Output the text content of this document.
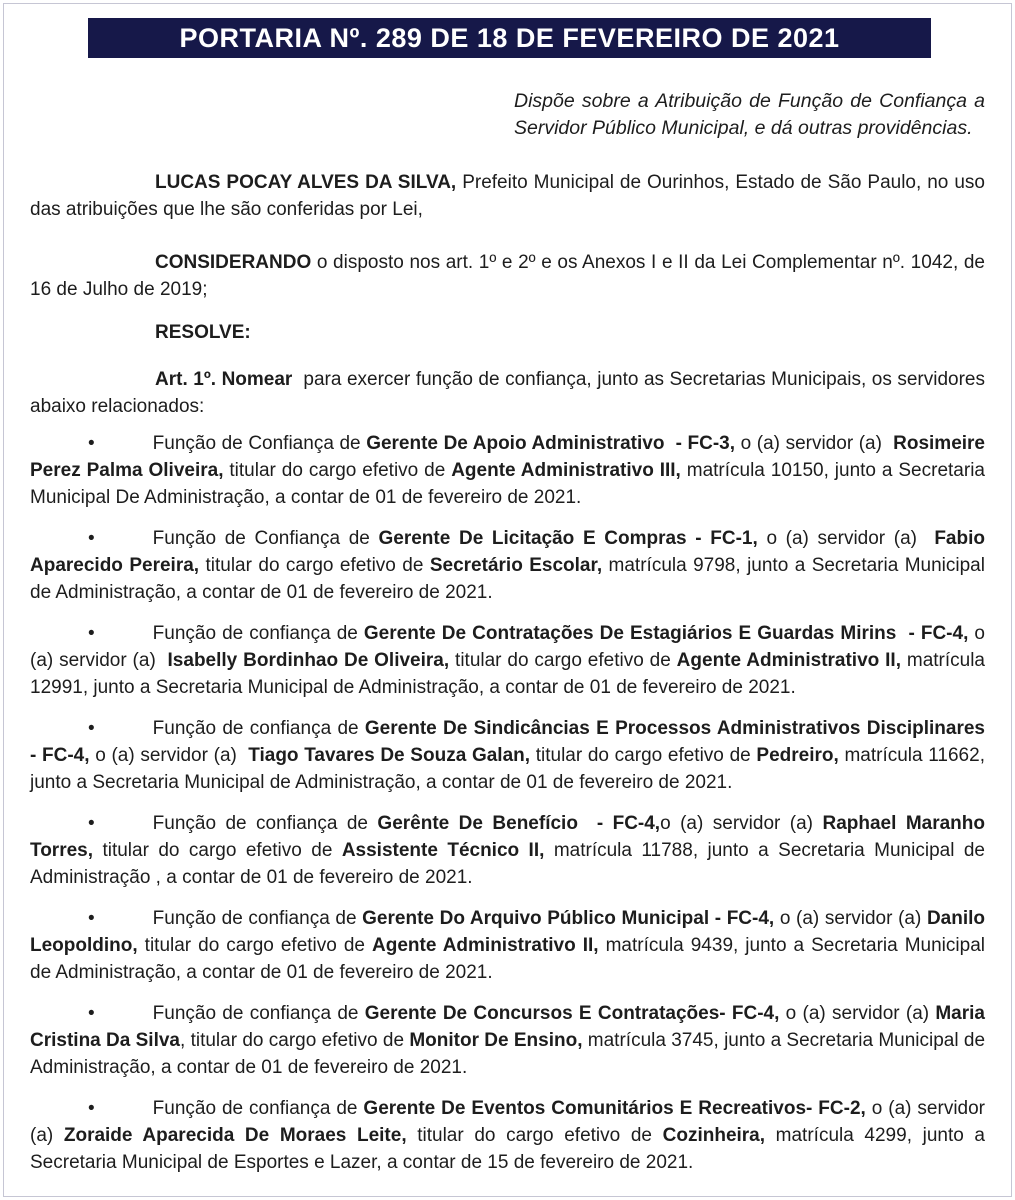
PORTARIA Nº. 289 DE 18 DE FEVEREIRO DE 2021

Dispõe sobre a Atribuição de Função de Confiança a Servidor Público Municipal, e dá outras providências.

LUCAS POCAY ALVES DA SILVA, Prefeito Municipal de Ourinhos, Estado de São Paulo, no uso das atribuições que lhe são conferidas por Lei,

CONSIDERANDO o disposto nos art. 1º e 2º e os Anexos I e II da Lei Complementar nº. 1042, de 16 de Julho de 2019;

RESOLVE:

Art. 1º. Nomear  para exercer função de confiança, junto as Secretarias Municipais, os servidores abaixo relacionados:

•	Função de Confiança de Gerente De Apoio Administrativo  - FC-3, o (a) servidor (a)  Rosimeire Perez Palma Oliveira, titular do cargo efetivo de Agente Administrativo III, matrícula 10150, junto a Secretaria Municipal De Administração, a contar de 01 de fevereiro de 2021.

•	Função de Confiança de Gerente De Licitação E Compras - FC-1, o (a) servidor (a)  Fabio Aparecido Pereira, titular do cargo efetivo de Secretário Escolar, matrícula 9798, junto a Secretaria Municipal de Administração, a contar de 01 de fevereiro de 2021.

•	Função de confiança de Gerente De Contratações De Estagiários E Guardas Mirins  - FC-4, o (a) servidor (a)  Isabelly Bordinhao De Oliveira, titular do cargo efetivo de Agente Administrativo II, matrícula 12991, junto a Secretaria Municipal de Administração, a contar de 01 de fevereiro de 2021.

•	Função de confiança de Gerente De Sindicâncias E Processos Administrativos Disciplinares - FC-4, o (a) servidor (a)  Tiago Tavares De Souza Galan, titular do cargo efetivo de Pedreiro, matrícula 11662, junto a Secretaria Municipal de Administração, a contar de 01 de fevereiro de 2021.

•	Função de confiança de Gerênte De Benefício  - FC-4,o (a) servidor (a) Raphael Maranho Torres, titular do cargo efetivo de Assistente Técnico II, matrícula 11788, junto a Secretaria Municipal de Administração , a contar de 01 de fevereiro de 2021.

•	Função de confiança de Gerente Do Arquivo Público Municipal - FC-4, o (a) servidor (a) Danilo Leopoldino, titular do cargo efetivo de Agente Administrativo II, matrícula 9439, junto a Secretaria Municipal de Administração, a contar de 01 de fevereiro de 2021.

•	Função de confiança de Gerente De Concursos E Contratações- FC-4, o (a) servidor (a) Maria Cristina Da Silva, titular do cargo efetivo de Monitor De Ensino, matrícula 3745, junto a Secretaria Municipal de Administração, a contar de 01 de fevereiro de 2021.

•	Função de confiança de Gerente De Eventos Comunitários E Recreativos- FC-2, o (a) servidor (a) Zoraide Aparecida De Moraes Leite, titular do cargo efetivo de Cozinheira, matrícula 4299, junto a Secretaria Municipal de Esportes e Lazer, a contar de 15 de fevereiro de 2021.
